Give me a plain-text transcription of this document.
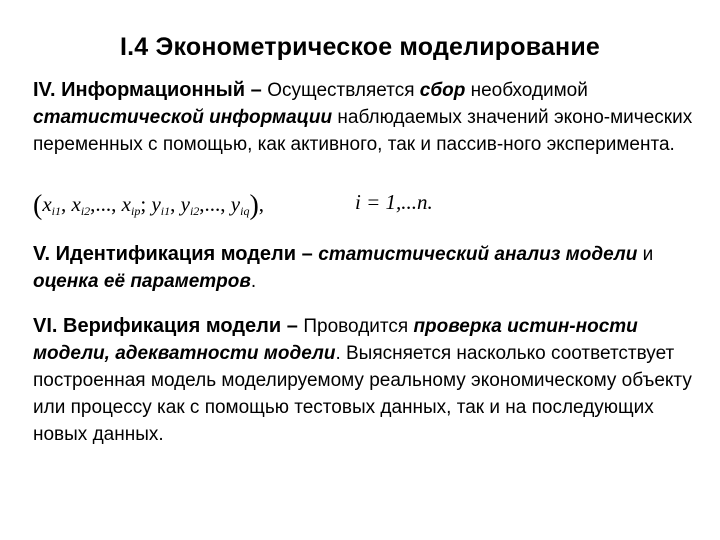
I.4 Эконометрическое моделирование
IV. Информационный – Осуществляется сбор необходимой статистической информации наблюдаемых значений эконо-мических переменных с помощью, как активного, так и пассив-ного эксперимента.
($x_{i1}$, $x_{i2}$,..., $x_{ip}$; $y_{i1}$, $y_{i2}$,..., $y_{iq}$),	i = 1,...n.
V. Идентификация модели – статистический анализ модели и оценка её параметров.
VI. Верификация модели – Проводится проверка истин-ности модели, адекватности модели. Выясняется насколько соответствует построенная модель моделируемому реальному экономическому объекту или процессу как с помощью тестовых данных, так и на последующих новых данных.
